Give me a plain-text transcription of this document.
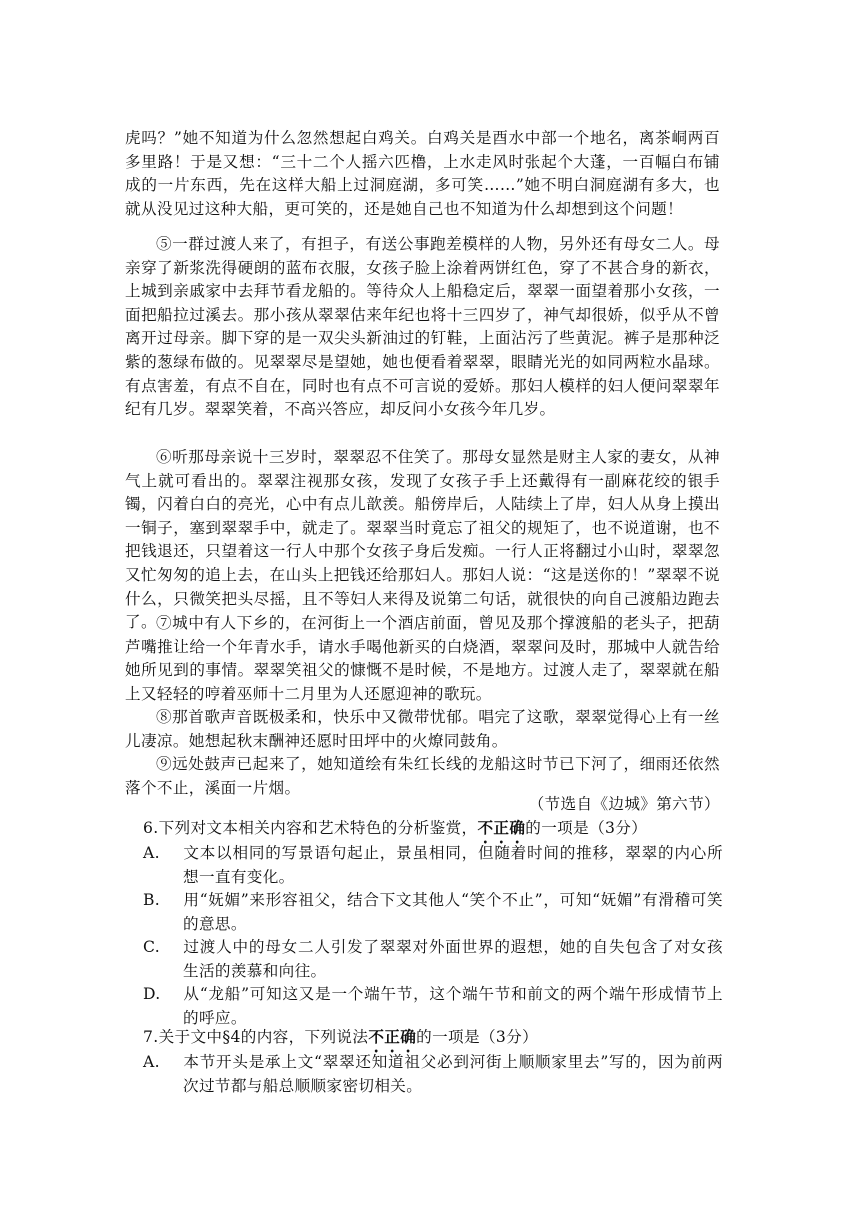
虎吗？”她不知道为什么忽然想起白鸡关。白鸡关是酉水中部一个地名，离茶峒两百多里路！于是又想：“三十二个人摇六匹橹，上水走风时张起个大蓬，一百幅白布铺成的一片东西，先在这样大船上过洞庭湖，多可笑……”她不明白洞庭湖有多大，也就从没见过这种大船，更可笑的，还是她自己也不知道为什么却想到这个问题！
⑤一群过渡人来了，有担子，有送公事跑差模样的人物，另外还有母女二人。母亲穿了新浆洗得硬朗的蓝布衣服，女孩子脸上涂着两饼红色，穿了不甚合身的新衣，上城到亲戚家中去拜节看龙船的。等待众人上船稳定后，翠翠一面望着那小女孩，一面把船拉过溪去。那小孩从翠翠估来年纪也将十三四岁了，神气却很娇，似乎从不曾离开过母亲。脚下穿的是一双尖头新油过的钉鞋，上面沾污了些黄泥。裤子是那种泛紫的葱绿布做的。见翠翠尽是望她，她也便看着翠翠，眼睛光光的如同两粒水晶球。有点害羞，有点不自在，同时也有点不可言说的爱娇。那妇人模样的妇人便问翠翠年纪有几岁。翠翠笑着，不高兴答应，却反问小女孩今年几岁。
⑥听那母亲说十三岁时，翠翠忍不住笑了。那母女显然是财主人家的妻女，从神气上就可看出的。翠翠注视那女孩，发现了女孩子手上还戴得有一副麻花绞的银手镯，闪着白白的亮光，心中有点儿歆羡。船傍岸后，人陆续上了岸，妇人从身上摸出一铜子，塞到翠翠手中，就走了。翠翠当时竟忘了祖父的规矩了，也不说道谢，也不把钱退还，只望着这一行人中那个女孩子身后发痴。一行人正将翻过小山时，翠翠忽又忙匆匆的追上去，在山头上把钱还给那妇人。那妇人说：“这是送你的！”翠翠不说什么，只微笑把头尽摇，且不等妇人来得及说第二句话，就很快的向自己渡船边跑去了。 ⑦城中有人下乡的，在河街上一个酒店前面，曾见及那个撑渡船的老头子，把葫芦嘴推让给一个年青水手，请水手喝他新买的白烧酒，翠翠问及时，那城中人就告给她所见到的事情。翠翠笑祖父的慷慨不是时候，不是地方。过渡人走了，翠翠就在船上又轻轻的哼着巫师十二月里为人还愿迎神的歌玩。
⑧那首歌声音既极柔和，快乐中又微带忧郁。唱完了这歌，翠翠觉得心上有一丝儿凄凉。她想起秋末酬神还愿时田坪中的火燎同鼓角。
⑨远处鼓声已起来了，她知道绘有朱红长线的龙船这时节已下河了，细雨还依然落个不止，溪面一片烟。
（节选自《边城》第六节）
6.下列对文本相关内容和艺术特色的分析鉴赏，不正确的一项是（3分）
A. 文本以相同的写景语句起止，景虽相同，但随着时间的推移，翠翠的内心所想一直有变化。
B. 用“妩媚”来形容祖父，结合下文其他人“笑个不止”，可知“妩媚”有滑稽可笑的意思。
C. 过渡人中的母女二人引发了翠翠对外面世界的遐想，她的自失包含了对女孩生活的羡慕和向往。
D. 从“龙船”可知这又是一个端午节，这个端午节和前文的两个端午形成情节上的呼应。
7.关于文中§4的内容，下列说法不正确的一项是（3分）
A. 本节开头是承上文“翠翠还知道祖父必到河街上顺顺家里去”写的，因为前两次过节都与船总顺顺家密切相关。
